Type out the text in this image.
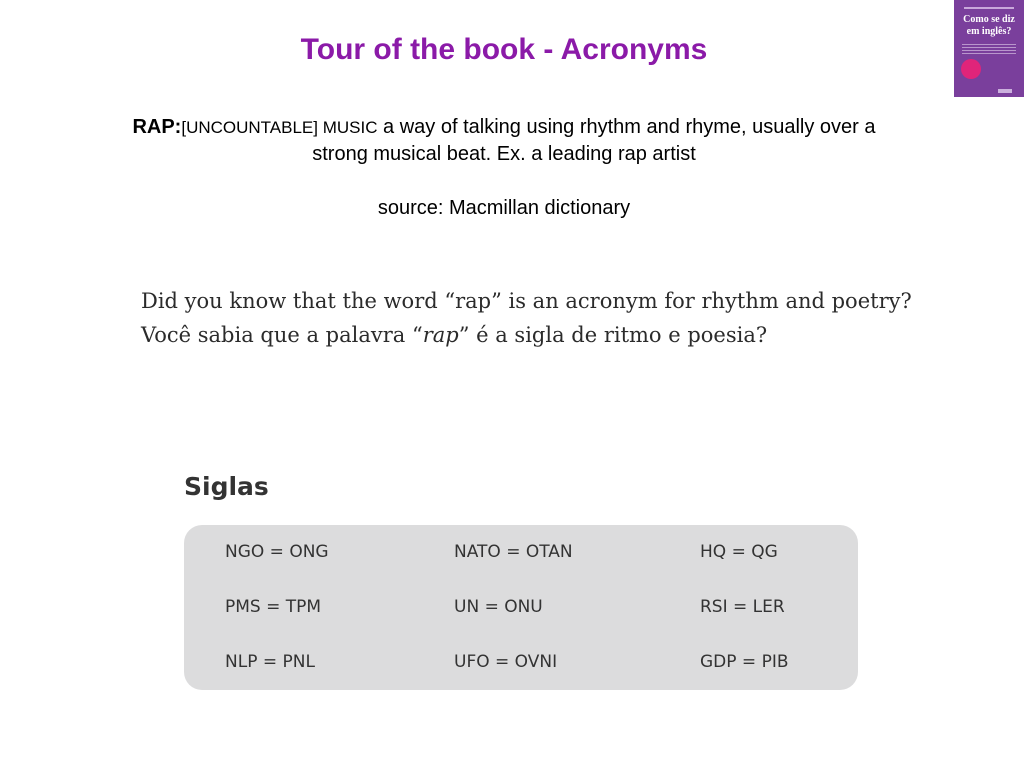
Tour of the book - Acronyms
Como se diz
em inglês?

RAP:[UNCOUNTABLE] MUSIC a way of talking using rhythm and rhyme, usually over a
strong musical beat. Ex. a leading rap artist

source: Macmillan dictionary

Did you know that the word “rap” is an acronym for rhythm and poetry?
Você sabia que a palavra “rap” é a sigla de ritmo e poesia?
Siglas
NGO = ONG	NATO = OTAN	HQ = QG
PMS = TPM	UN = ONU	RSI = LER
NLP = PNL	UFO = OVNI	GDP = PIB
